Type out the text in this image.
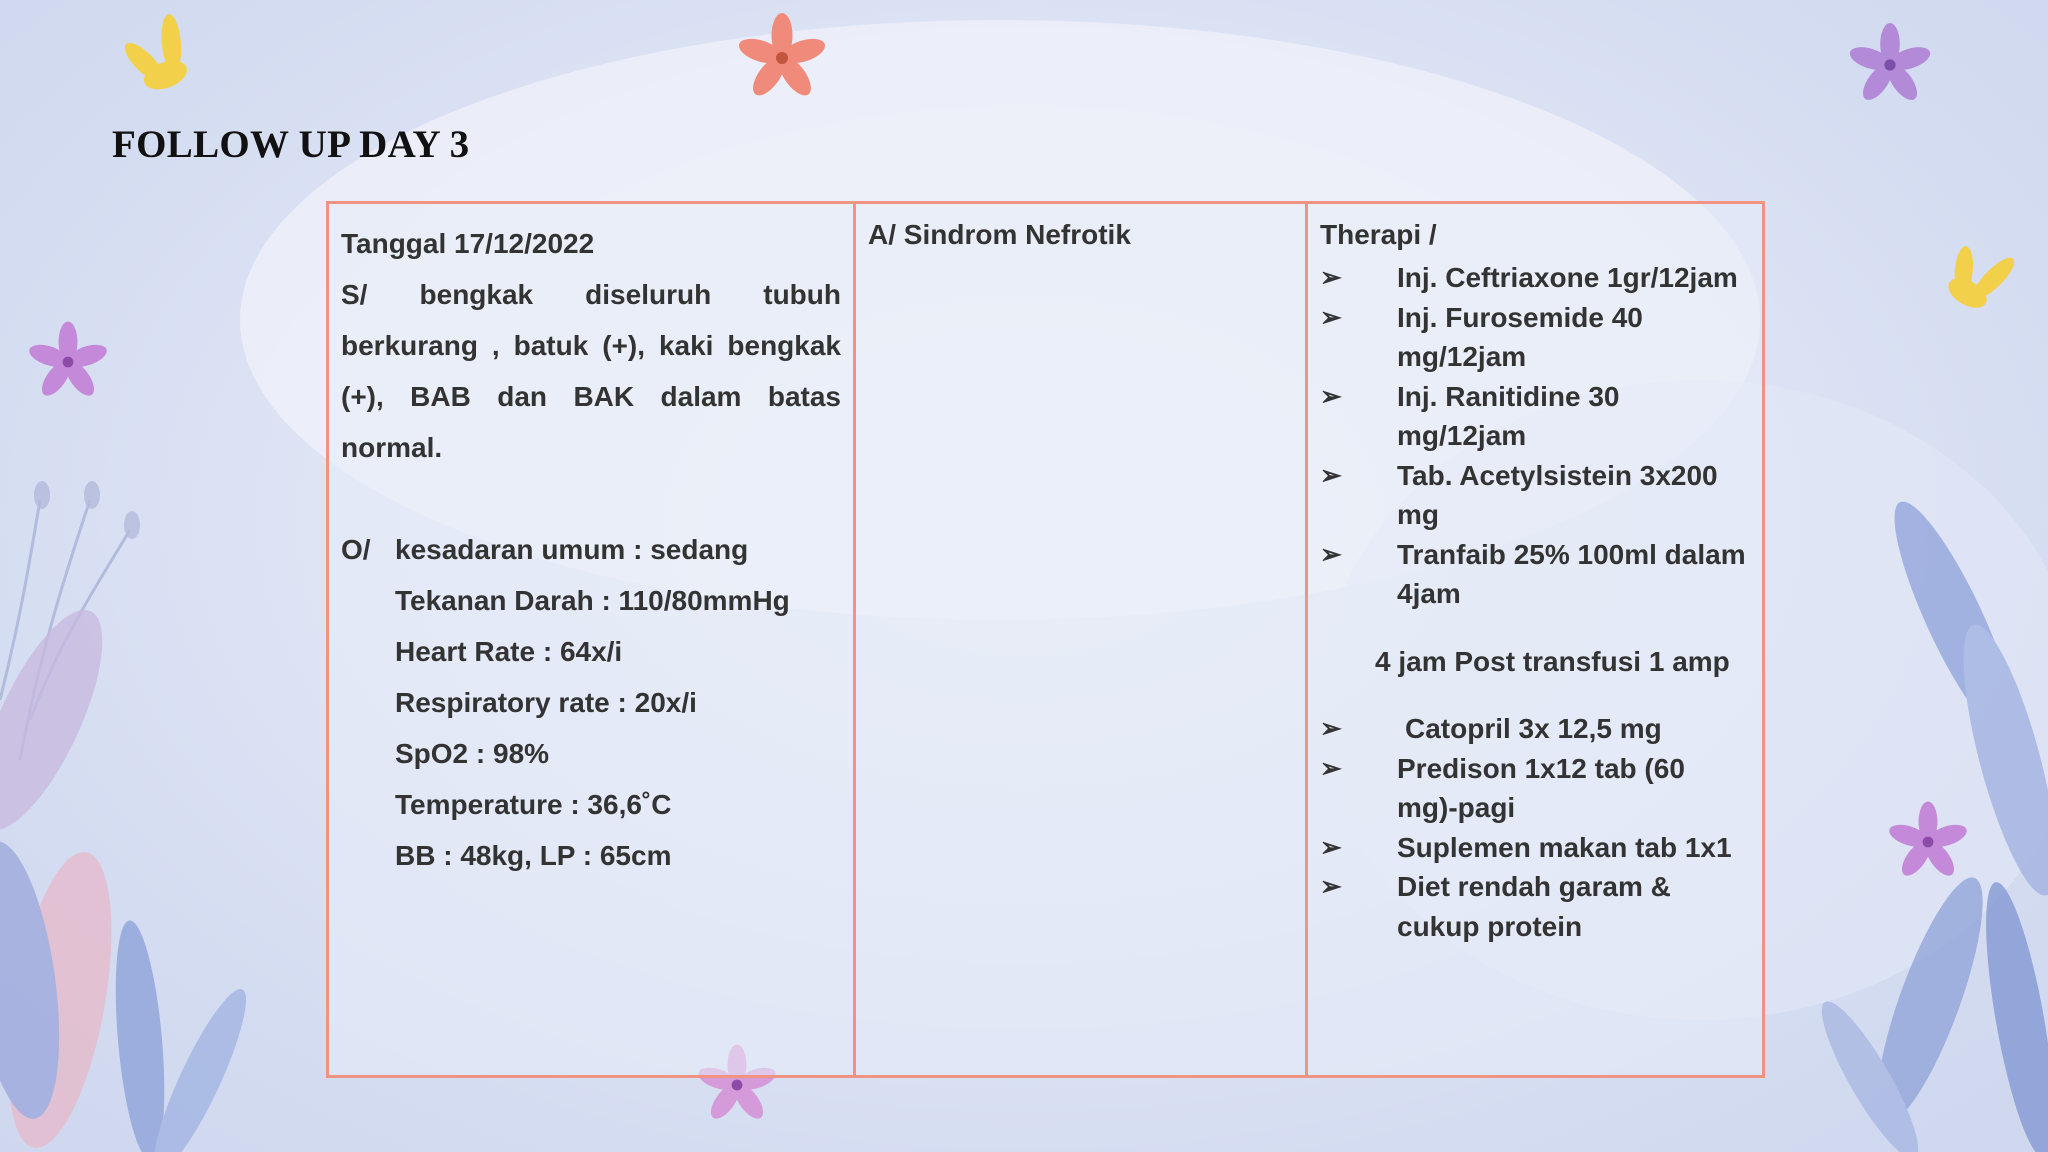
FOLLOW UP DAY 3
Tanggal 17/12/2022
S/ bengkak diseluruh tubuh berkurang , batuk (+), kaki bengkak (+), BAB dan BAK dalam batas normal.
O/ kesadaran umum : sedang
Tekanan Darah : 110/80mmHg
Heart Rate : 64x/i
Respiratory rate : 20x/i
SpO2 : 98%
Temperature : 36,6˚C
BB : 48kg, LP : 65cm

A/ Sindrom Nefrotik	Therapi /
➢ Inj. Ceftriaxone 1gr/12jam
➢ Inj. Furosemide 40 mg/12jam
➢ Inj. Ranitidine 30 mg/12jam
➢ Tab. Acetylsistein 3x200 mg
➢ Tranfaib 25% 100ml dalam 4jam
4 jam Post transfusi 1 amp
➢ Catopril 3x 12,5 mg
➢ Predison 1x12 tab (60 mg)-pagi
➢ Suplemen makan tab 1x1
➢ Diet rendah garam & cukup protein
